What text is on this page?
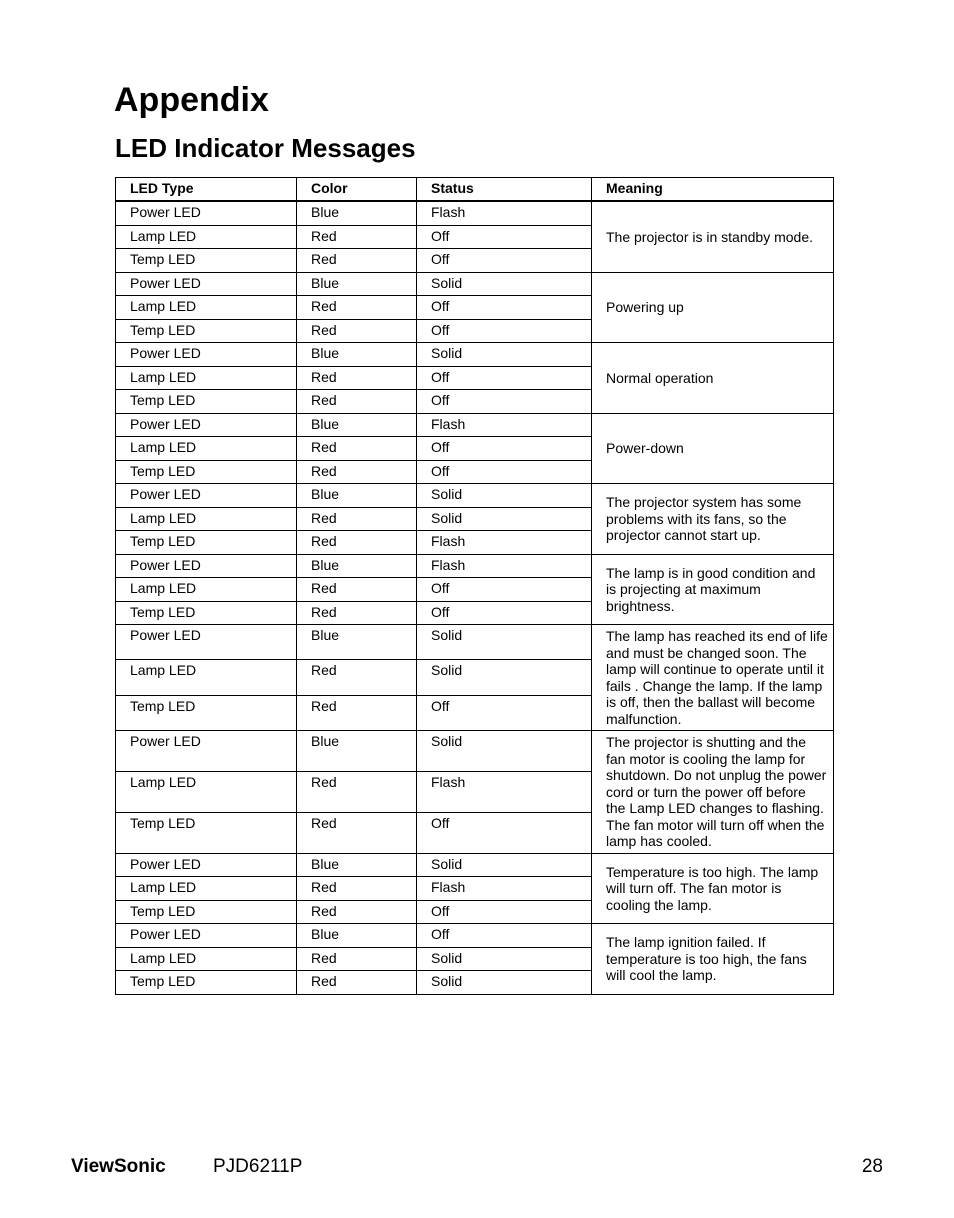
Appendix
LED Indicator Messages
LED Type	Color	Status	Meaning
Power LED	Blue	Flash	The projector is in standby mode.
Lamp LED	Red	Off	
Temp LED	Red	Off	
Power LED	Blue	Solid	Powering up
Lamp LED	Red	Off	
Temp LED	Red	Off	
Power LED	Blue	Solid	Normal operation
Lamp LED	Red	Off	
Temp LED	Red	Off	
Power LED	Blue	Flash	Power-down
Lamp LED	Red	Off	
Temp LED	Red	Off	
Power LED	Blue	Solid	The projector system has some problems with its fans, so the projector cannot start up.
Lamp LED	Red	Solid	
Temp LED	Red	Flash	
Power LED	Blue	Flash	The lamp is in good condition and is projecting at maximum brightness.
Lamp LED	Red	Off	
Temp LED	Red	Off	
Power LED	Blue	Solid	The lamp has reached its end of life and must be changed soon. The lamp will continue to operate until it fails . Change the lamp. If the lamp is off, then the ballast will become malfunction.
Lamp LED	Red	Solid	
Temp LED	Red	Off	
Power LED	Blue	Solid	The projector is shutting and the fan motor is cooling the lamp for shutdown. Do not unplug the power cord or turn the power off before the Lamp LED changes to flashing. The fan motor will turn off when the lamp has cooled.
Lamp LED	Red	Flash	
Temp LED	Red	Off	
Power LED	Blue	Solid	Temperature is too high. The lamp will turn off. The fan motor is cooling the lamp.
Lamp LED	Red	Flash	
Temp LED	Red	Off	
Power LED	Blue	Off	The lamp ignition failed. If temperature is too high, the fans will cool the lamp.
Lamp LED	Red	Solid	
Temp LED	Red	Solid	
ViewSonic PJD6211P	28
